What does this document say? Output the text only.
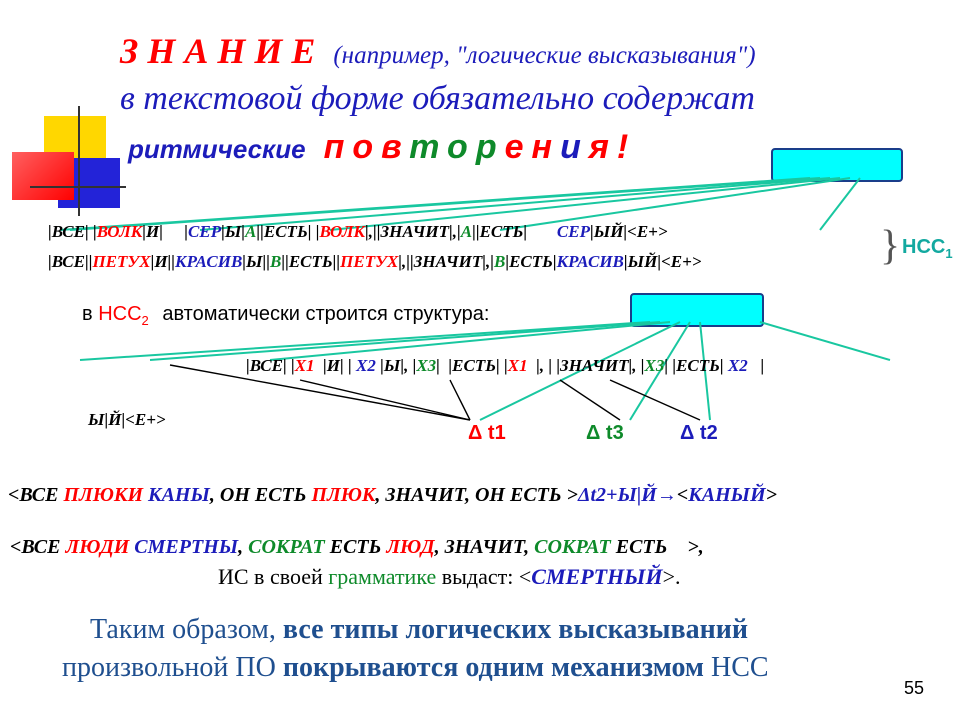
З Н А Н И Е (например, "логические высказывания")
в текстовой форме обязательно содержат
ритмические повторения!
|ВСЕ| |ВОЛК|И|     |СЕР|Ы|А||ЕСТЬ| |ВОЛК|,||ЗНАЧИТ|,|А||ЕСТЬ|       СЕР|ЫЙ|<Е+>
|ВСЕ||ПЕТУХ|И||КРАСИВ|Ы||В||ЕСТЬ||ПЕТУХ|,||ЗНАЧИТ|,|В|ЕСТЬ|КРАСИВ|ЫЙ|<Е+>	} $НСС_1$
в $НСС_2$ автоматически строится структура:
|ВСЕ| |X1  |И| | X2 |Ы|, |X3|  |ЕСТЬ| |X1  |, | |ЗНАЧИТ|, |X3| |ЕСТЬ| X2   |
Ы|Й|<Е+>
Δ t1	Δ t3	Δ t2
<ВСЕ ПЛЮКИ КАНЫ, ОН ЕСТЬ ПЛЮК, ЗНАЧИТ, ОН ЕСТЬ >Δt2+Ы|Й→<КАНЫЙ>
<ВСЕ ЛЮДИ СМЕРТНЫ, СОКРАТ ЕСТЬ ЛЮД, ЗНАЧИТ, СОКРАТ ЕСТЬ    >,
ИС в своей грамматике выдаст: <СМЕРТНЫЙ>.
Таким образом, все типы логических высказываний
произвольной ПО покрываются одним механизмом НСС
55
